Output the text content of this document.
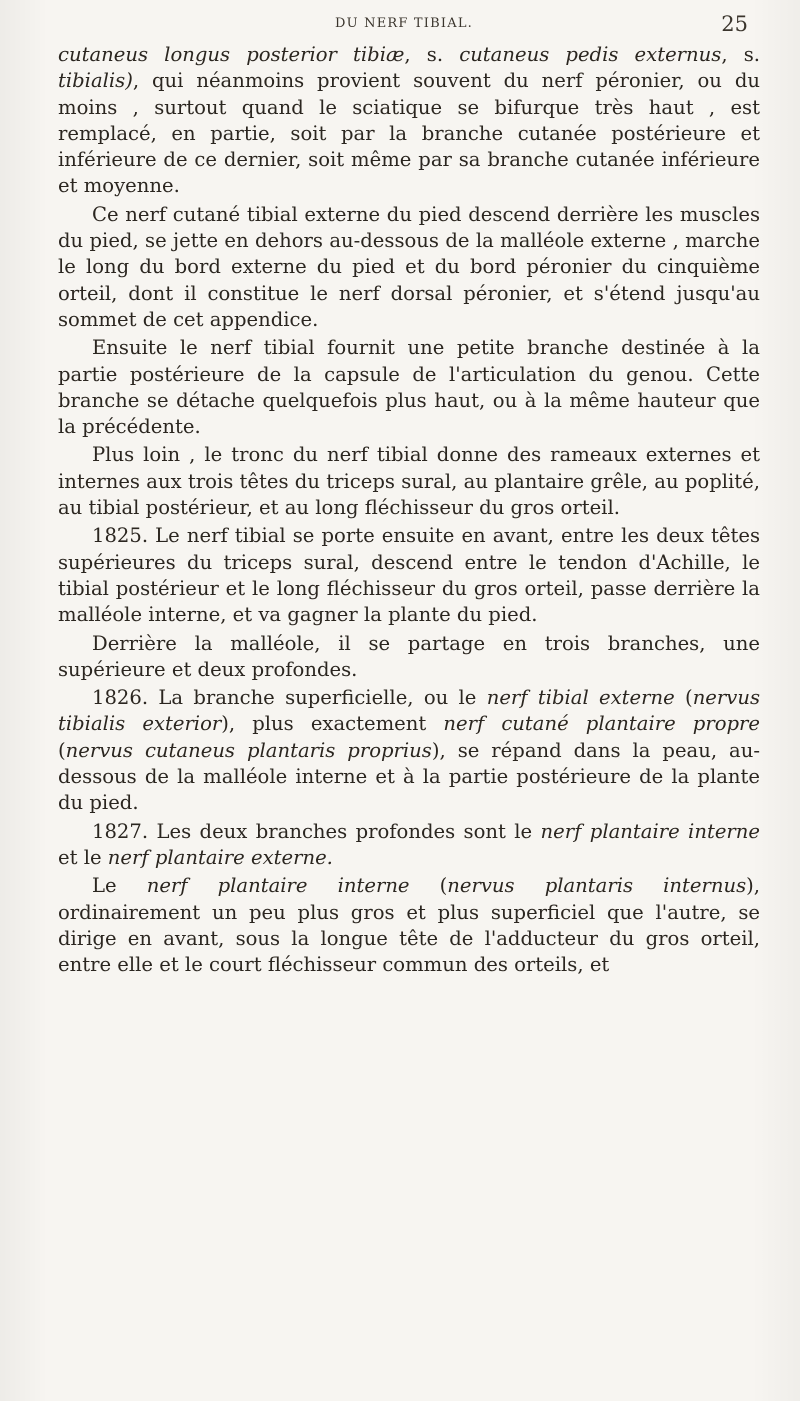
DU NERF TIBIAL.	25

cutaneus longus posterior tibiæ, s. cutaneus pedis externus, s. tibialis), qui néanmoins provient souvent du nerf péronier, ou du moins , surtout quand le sciatique se bifurque très haut , est remplacé, en partie, soit par la branche cutanée postérieure et inférieure de ce dernier, soit même par sa branche cutanée inférieure et moyenne.

Ce nerf cutané tibial externe du pied descend derrière les muscles du pied, se jette en dehors au-dessous de la malléole externe , marche le long du bord externe du pied et du bord péronier du cinquième orteil, dont il constitue le nerf dorsal péronier, et s'étend jusqu'au sommet de cet appendice.

Ensuite le nerf tibial fournit une petite branche destinée à la partie postérieure de la capsule de l'articulation du genou. Cette branche se détache quelquefois plus haut, ou à la même hauteur que la précédente.

Plus loin , le tronc du nerf tibial donne des rameaux externes et internes aux trois têtes du triceps sural, au plantaire grêle, au poplité, au tibial postérieur, et au long fléchisseur du gros orteil.

1825. Le nerf tibial se porte ensuite en avant, entre les deux têtes supérieures du triceps sural, descend entre le tendon d'Achille, le tibial postérieur et le long fléchisseur du gros orteil, passe derrière la malléole interne, et va gagner la plante du pied.

Derrière la malléole, il se partage en trois branches, une supérieure et deux profondes.

1826. La branche superficielle, ou le nerf tibial externe (nervus tibialis exterior), plus exactement nerf cutané plantaire propre (nervus cutaneus plantaris proprius), se répand dans la peau, au-dessous de la malléole interne et à la partie postérieure de la plante du pied.

1827. Les deux branches profondes sont le nerf plantaire interne et le nerf plantaire externe.

Le nerf plantaire interne (nervus plantaris internus), ordinairement un peu plus gros et plus superficiel que l'autre, se dirige en avant, sous la longue tête de l'adducteur du gros orteil, entre elle et le court fléchisseur commun des orteils, et
